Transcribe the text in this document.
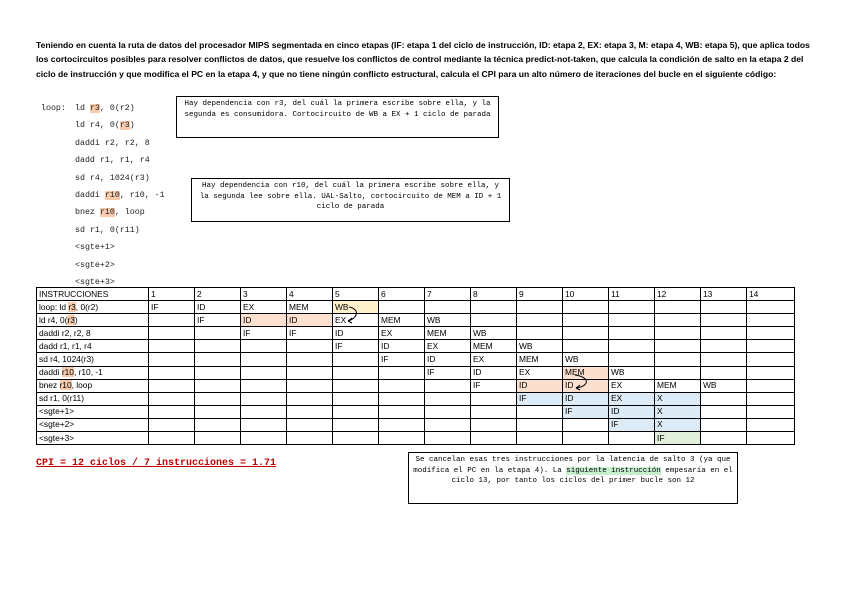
Teniendo en cuenta la ruta de datos del procesador MIPS segmentada en cinco etapas (IF: etapa 1 del ciclo de instrucción, ID: etapa 2, EX: etapa 3, M: etapa 4, WB: etapa 5), que aplica todos los cortocircuitos posibles para resolver conflictos de datos, que resuelve los conflictos de control mediante la técnica predict-not-taken, que calcula la condición de salto en la etapa 2 del ciclo de instrucción y que modifica el PC en la etapa 4, y que no tiene ningún conflicto estructural, calcula el CPI para un alto número de iteraciones del bucle en el siguiente código:

loop: ld r3, 0(r2)
ld r4, 0(r3)
daddi r2, r2, 8
dadd r1, r1, r4
sd r4, 1024(r3)
daddi r10, r10, -1
bnez r10, loop
sd r1, 0(r11)
<sgte+1>
<sgte+2>
<sgte+3>
Hay dependencia con r3, del cuál la primera escribe sobre ella, y la segunda es consumidora. Cortocircuito de WB a EX + 1 ciclo de parada
Hay dependencia con r10, del cuál la primera escribe sobre ella, y la segunda lee sobre ella. UAL-Salto, cortocircuito de MEM a ID + 1 ciclo de parada
Se cancelan esas tres instrucciones por la latencia de salto 3 (ya que modifica el PC en la etapa 4). La siguiente instrucción empesaría en el ciclo 13, por tanto los ciclos del primer bucle son 12
INSTRUCCIONES	1	2	3	4	5	6	7	8	9	10	11	12	13	14
loop: ld r3, 0(r2)	IF	ID	EX	MEM	WB									
ld r4, 0(r3)		IF	ID	ID	EX	MEM	WB							
daddi r2, r2, 8			IF	IF	ID	EX	MEM	WB						
dadd r1, r1, r4					IF	ID	EX	MEM	WB					
sd r4, 1024(r3)						IF	ID	EX	MEM	WB				
daddi r10, r10, -1							IF	ID	EX	MEM	WB			
bnez r10, loop								IF	ID	ID	EX	MEM	WB	
sd r1, 0(r11)									IF	ID	EX	X		
<sgte+1>										IF	ID	X		
<sgte+2>											IF	X		
<sgte+3>												IF		

CPI = 12 ciclos / 7 instrucciones = 1.71
